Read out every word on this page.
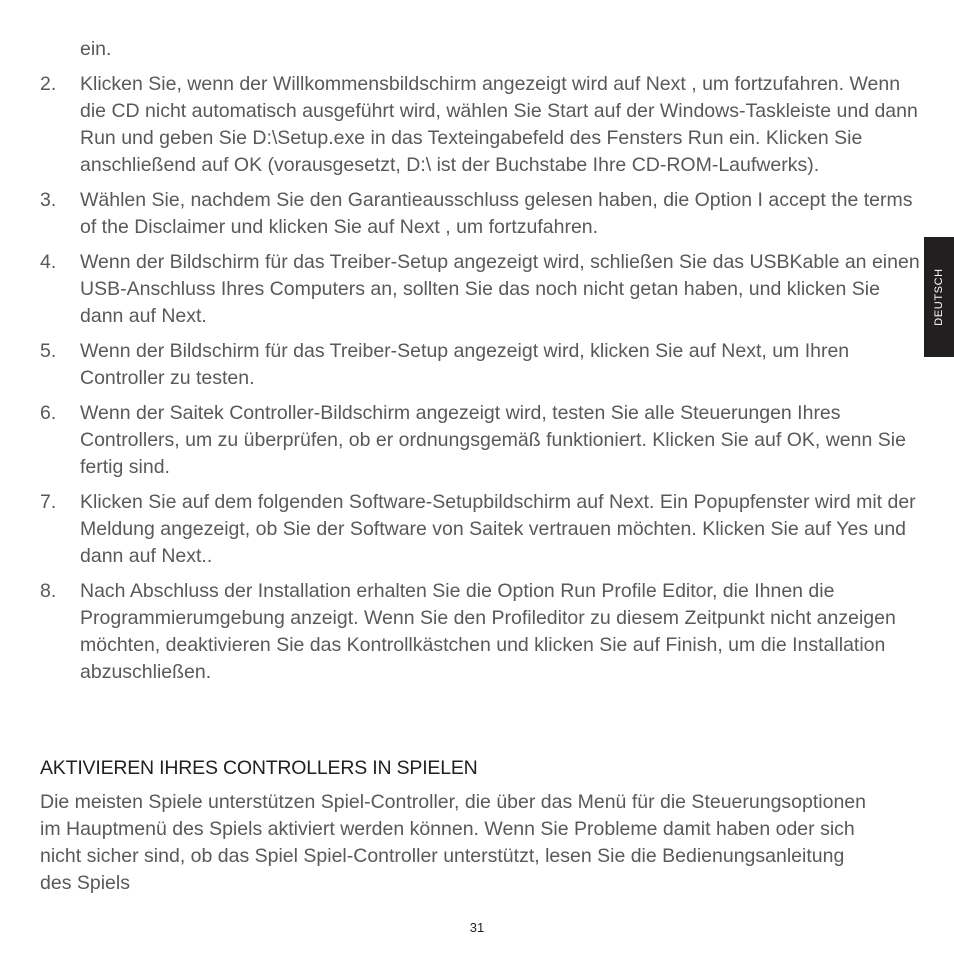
ein.

2.	Klicken Sie, wenn der Willkommensbildschirm angezeigt wird auf Next , um fortzufahren. Wenn die CD nicht automatisch ausgeführt wird, wählen Sie Start auf der Windows-Taskleiste und dann Run und geben Sie D:\Setup.exe in das Texteingabefeld des Fensters Run ein. Klicken Sie anschließend auf OK (vorausgesetzt, D:\ ist der Buchstabe Ihre CD-ROM-Laufwerks).

3.	Wählen Sie, nachdem Sie den Garantieausschluss gelesen haben, die Option I accept the terms of the Disclaimer und klicken Sie auf Next , um fortzufahren.

4.	Wenn der Bildschirm für das Treiber-Setup angezeigt wird, schließen Sie das USBKable an einen USB-Anschluss Ihres Computers an, sollten Sie das noch nicht getan haben, und klicken Sie dann auf Next.

5.	Wenn der Bildschirm für das Treiber-Setup angezeigt wird, klicken Sie auf Next, um Ihren Controller zu testen.

6.	Wenn der Saitek Controller-Bildschirm angezeigt wird, testen Sie alle Steuerungen Ihres Controllers, um zu überprüfen, ob er ordnungsgemäß funktioniert. Klicken Sie auf OK, wenn Sie fertig sind.

7.	Klicken Sie auf dem folgenden Software-Setupbildschirm auf Next. Ein Popupfenster wird mit der Meldung angezeigt, ob Sie der Software von Saitek vertrauen möchten. Klicken Sie auf Yes und dann auf Next..

8.	Nach Abschluss der Installation erhalten Sie die Option Run Profile Editor, die Ihnen die Programmierumgebung anzeigt. Wenn Sie den Profileditor zu diesem Zeitpunkt nicht anzeigen möchten, deaktivieren Sie das Kontrollkästchen und klicken Sie auf Finish, um die Installation abzuschließen.

AKTIVIEREN IHRES CONTROLLERS IN SPIELEN

Die meisten Spiele unterstützen Spiel-Controller, die über das Menü für die Steuerungsoptionen im Hauptmenü des Spiels aktiviert werden können. Wenn Sie Probleme damit haben oder sich nicht sicher sind, ob das Spiel Spiel-Controller unterstützt, lesen Sie die Bedienungsanleitung des Spiels

DEUTSCH

31
